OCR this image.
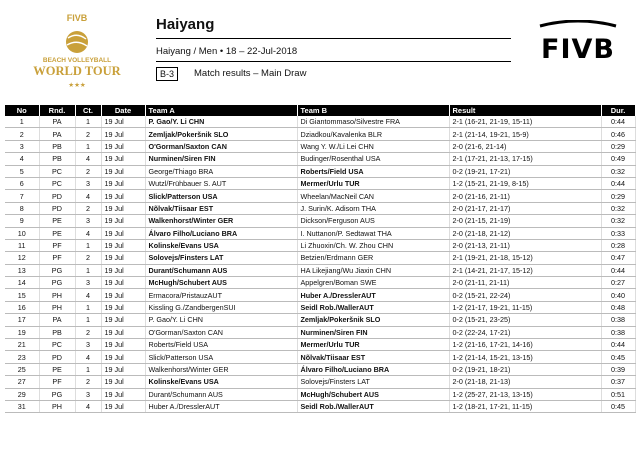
FIVB
BEACH VOLLEYBALL
WORLD TOUR
★★★
Haiyang
Haiyang / Men • 18 – 22-Jul-2018
B-3	Match results – Main Draw
FIVB
No	Rnd.	Ct.	Date	Team A	Team B	Result	Dur.
1	PA	1	19 Jul	P. Gao/Y. Li CHN	Di Giantommaso/Silvestre FRA	2-1 (16-21, 21-19, 15-11)	0:44
2	PA	2	19 Jul	Zemljak/Pokeršnik SLO	Dziadkou/Kavalenka BLR	2-1 (21-14, 19-21, 15-9)	0:46
3	PB	1	19 Jul	O'Gorman/Saxton CAN	Wang Y. W./Li Lei CHN	2-0 (21-6, 21-14)	0:29
4	PB	4	19 Jul	Nurminen/Siren FIN	Budinger/Rosenthal USA	2-1 (17-21, 21-13, 17-15)	0:49
5	PC	2	19 Jul	George/Thiago BRA	Roberts/Field USA	0-2 (19-21, 17-21)	0:32
6	PC	3	19 Jul	Wutzl/Frühbauer S. AUT	Mermer/Urlu TUR	1-2 (15-21, 21-19, 8-15)	0:44
7	PD	4	19 Jul	Slick/Patterson USA	Wheelan/MacNeil CAN	2-0 (21-16, 21-11)	0:29
8	PD	2	19 Jul	Nõlvak/Tiisaar EST	J. Surin/K. Adisorn THA	2-0 (21-17, 21-17)	0:32
9	PE	3	19 Jul	Walkenhorst/Winter GER	Dickson/Ferguson AUS	2-0 (21-15, 21-19)	0:32
10	PE	4	19 Jul	Álvaro Filho/Luciano BRA	I. Nuttanon/P. Sedtawat THA	2-0 (21-18, 21-12)	0:33
11	PF	1	19 Jul	Kolinske/Evans USA	Li Zhuoxin/Ch. W. Zhou CHN	2-0 (21-13, 21-11)	0:28
12	PF	2	19 Jul	Solovejs/Finsters LAT	Betzien/Erdmann GER	2-1 (19-21, 21-18, 15-12)	0:47
13	PG	1	19 Jul	Durant/Schumann AUS	HA Likejiang/Wu Jiaxin CHN	2-1 (14-21, 21-17, 15-12)	0:44
14	PG	3	19 Jul	McHugh/Schubert AUS	Appelgren/Boman SWE	2-0 (21-11, 21-11)	0:27
15	PH	4	19 Jul	Ermacora/PristauzAUT	Huber A./DresslerAUT	0-2 (15-21, 22-24)	0:40
16	PH	1	19 Jul	Kissling G./ZandbergenSUI	Seidl Rob./WallerAUT	1-2 (21-17, 19-21, 11-15)	0:48
17	PA	1	19 Jul	P. Gao/Y. Li CHN	Zemljak/Pokeršnik SLO	0-2 (15-21, 23-25)	0:38
19	PB	2	19 Jul	O'Gorman/Saxton CAN	Nurminen/Siren FIN	0-2 (22-24, 17-21)	0:38
21	PC	3	19 Jul	Roberts/Field USA	Mermer/Urlu TUR	1-2 (21-16, 17-21, 14-16)	0:44
23	PD	4	19 Jul	Slick/Patterson USA	Nõlvak/Tiisaar EST	1-2 (21-14, 15-21, 13-15)	0:45
25	PE	1	19 Jul	Walkenhorst/Winter GER	Álvaro Filho/Luciano BRA	0-2 (19-21, 18-21)	0:39
27	PF	2	19 Jul	Kolinske/Evans USA	Solovejs/Finsters LAT	2-0 (21-18, 21-13)	0:37
29	PG	3	19 Jul	Durant/Schumann AUS	McHugh/Schubert AUS	1-2 (25-27, 21-13, 13-15)	0:51
31	PH	4	19 Jul	Huber A./DresslerAUT	Seidl Rob./WallerAUT	1-2 (18-21, 17-21, 11-15)	0:45
